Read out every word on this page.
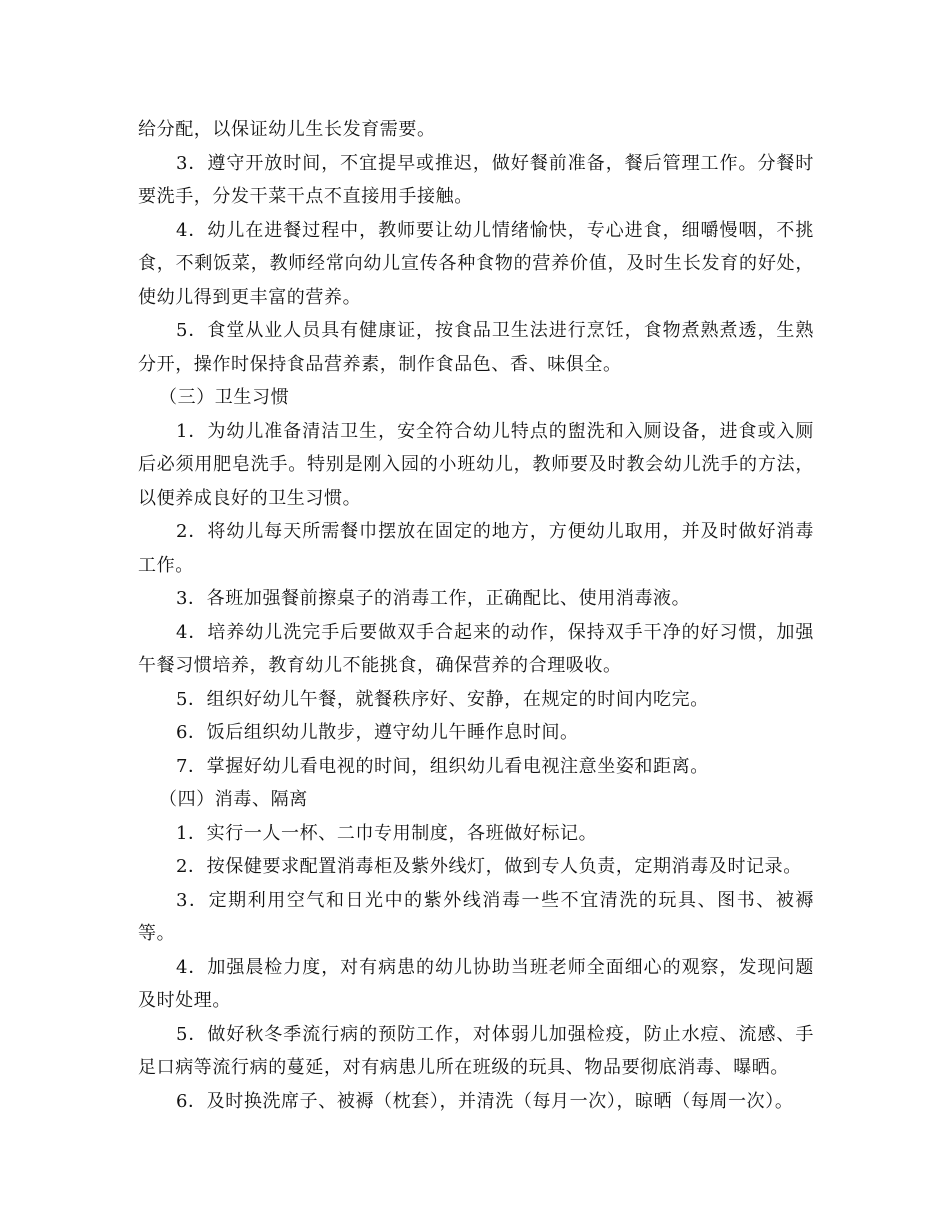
给分配，以保证幼儿生长发育需要。

3．遵守开放时间，不宜提早或推迟，做好餐前准备，餐后管理工作。分餐时要洗手，分发干菜干点不直接用手接触。

4．幼儿在进餐过程中，教师要让幼儿情绪愉快，专心进食，细嚼慢咽，不挑食，不剩饭菜，教师经常向幼儿宣传各种食物的营养价值，及时生长发育的好处，使幼儿得到更丰富的营养。

5．食堂从业人员具有健康证，按食品卫生法进行烹饪，食物煮熟煮透，生熟分开，操作时保持食品营养素，制作食品色、香、味俱全。

（三）卫生习惯

1．为幼儿准备清洁卫生，安全符合幼儿特点的盥洗和入厕设备，进食或入厕后必须用肥皂洗手。特别是刚入园的小班幼儿，教师要及时教会幼儿洗手的方法，以便养成良好的卫生习惯。

2．将幼儿每天所需餐巾摆放在固定的地方，方便幼儿取用，并及时做好消毒工作。

3．各班加强餐前擦桌子的消毒工作，正确配比、使用消毒液。

4．培养幼儿洗完手后要做双手合起来的动作，保持双手干净的好习惯，加强午餐习惯培养，教育幼儿不能挑食，确保营养的合理吸收。

5．组织好幼儿午餐，就餐秩序好、安静，在规定的时间内吃完。

6．饭后组织幼儿散步，遵守幼儿午睡作息时间。

7．掌握好幼儿看电视的时间，组织幼儿看电视注意坐姿和距离。

（四）消毒、隔离

1．实行一人一杯、二巾专用制度，各班做好标记。

2．按保健要求配置消毒柜及紫外线灯，做到专人负责，定期消毒及时记录。

3．定期利用空气和日光中的紫外线消毒一些不宜清洗的玩具、图书、被褥等。

4．加强晨检力度，对有病患的幼儿协助当班老师全面细心的观察，发现问题及时处理。

5．做好秋冬季流行病的预防工作，对体弱儿加强检疫，防止水痘、流感、手足口病等流行病的蔓延，对有病患儿所在班级的玩具、物品要彻底消毒、曝晒。

6．及时换洗席子、被褥（枕套），并清洗（每月一次），晾晒（每周一次）。
